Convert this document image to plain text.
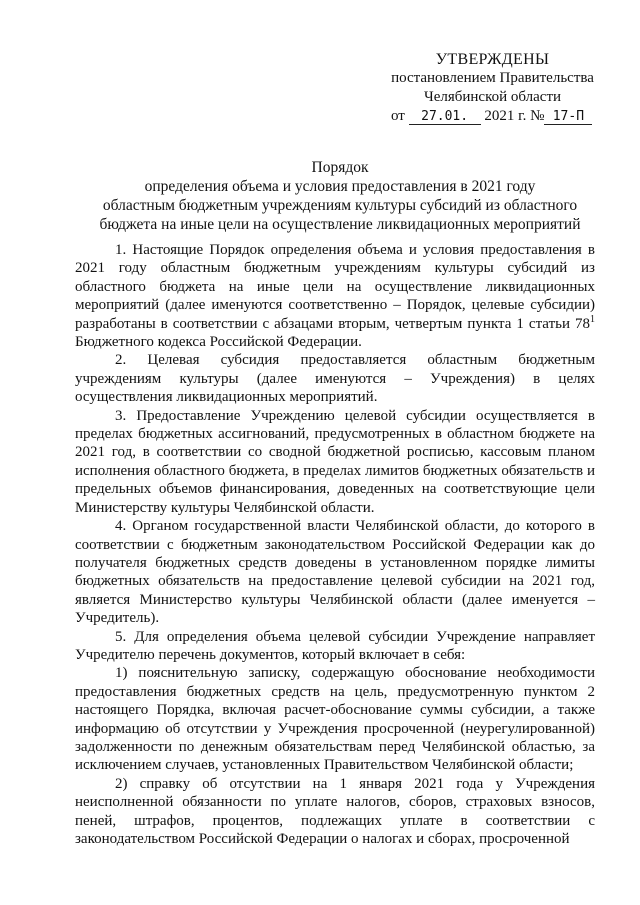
УТВЕРЖДЕНЫ
постановлением Правительства
Челябинской области
от 27.01. 2021 г. № 17-П
Порядок
определения объема и условия предоставления в 2021 году
областным бюджетным учреждениям культуры субсидий из областного
бюджета на иные цели на осуществление ликвидационных мероприятий

1. Настоящие Порядок определения объема и условия предоставления в 2021 году областным бюджетным учреждениям культуры субсидий из областного бюджета на иные цели на осуществление ликвидационных мероприятий (далее именуются соответственно – Порядок, целевые субсидии) разработаны в соответствии с абзацами вторым, четвертым пункта 1 статьи $78^1$ Бюджетного кодекса Российской Федерации.

2. Целевая субсидия предоставляется областным бюджетным учреждениям культуры (далее именуются – Учреждения) в целях осуществления ликвидационных мероприятий.

3. Предоставление Учреждению целевой субсидии осуществляется в пределах бюджетных ассигнований, предусмотренных в областном бюджете на 2021 год, в соответствии со сводной бюджетной росписью, кассовым планом исполнения областного бюджета, в пределах лимитов бюджетных обязательств и предельных объемов финансирования, доведенных на соответствующие цели Министерству культуры Челябинской области.

4. Органом государственной власти Челябинской области, до которого в соответствии с бюджетным законодательством Российской Федерации как до получателя бюджетных средств доведены в установленном порядке лимиты бюджетных обязательств на предоставление целевой субсидии на 2021 год, является Министерство культуры Челябинской области (далее именуется – Учредитель).

5. Для определения объема целевой субсидии Учреждение направляет Учредителю перечень документов, который включает в себя:

1) пояснительную записку, содержащую обоснование необходимости предоставления бюджетных средств на цель, предусмотренную пунктом 2 настоящего Порядка, включая расчет-обоснование суммы субсидии, а также информацию об отсутствии у Учреждения просроченной (неурегулированной) задолженности по денежным обязательствам перед Челябинской областью, за исключением случаев, установленных Правительством Челябинской области;

2) справку об отсутствии на 1 января 2021 года у Учреждения неисполненной обязанности по уплате налогов, сборов, страховых взносов, пеней, штрафов, процентов, подлежащих уплате в соответствии с законодательством Российской Федерации о налогах и сборах, просроченной
